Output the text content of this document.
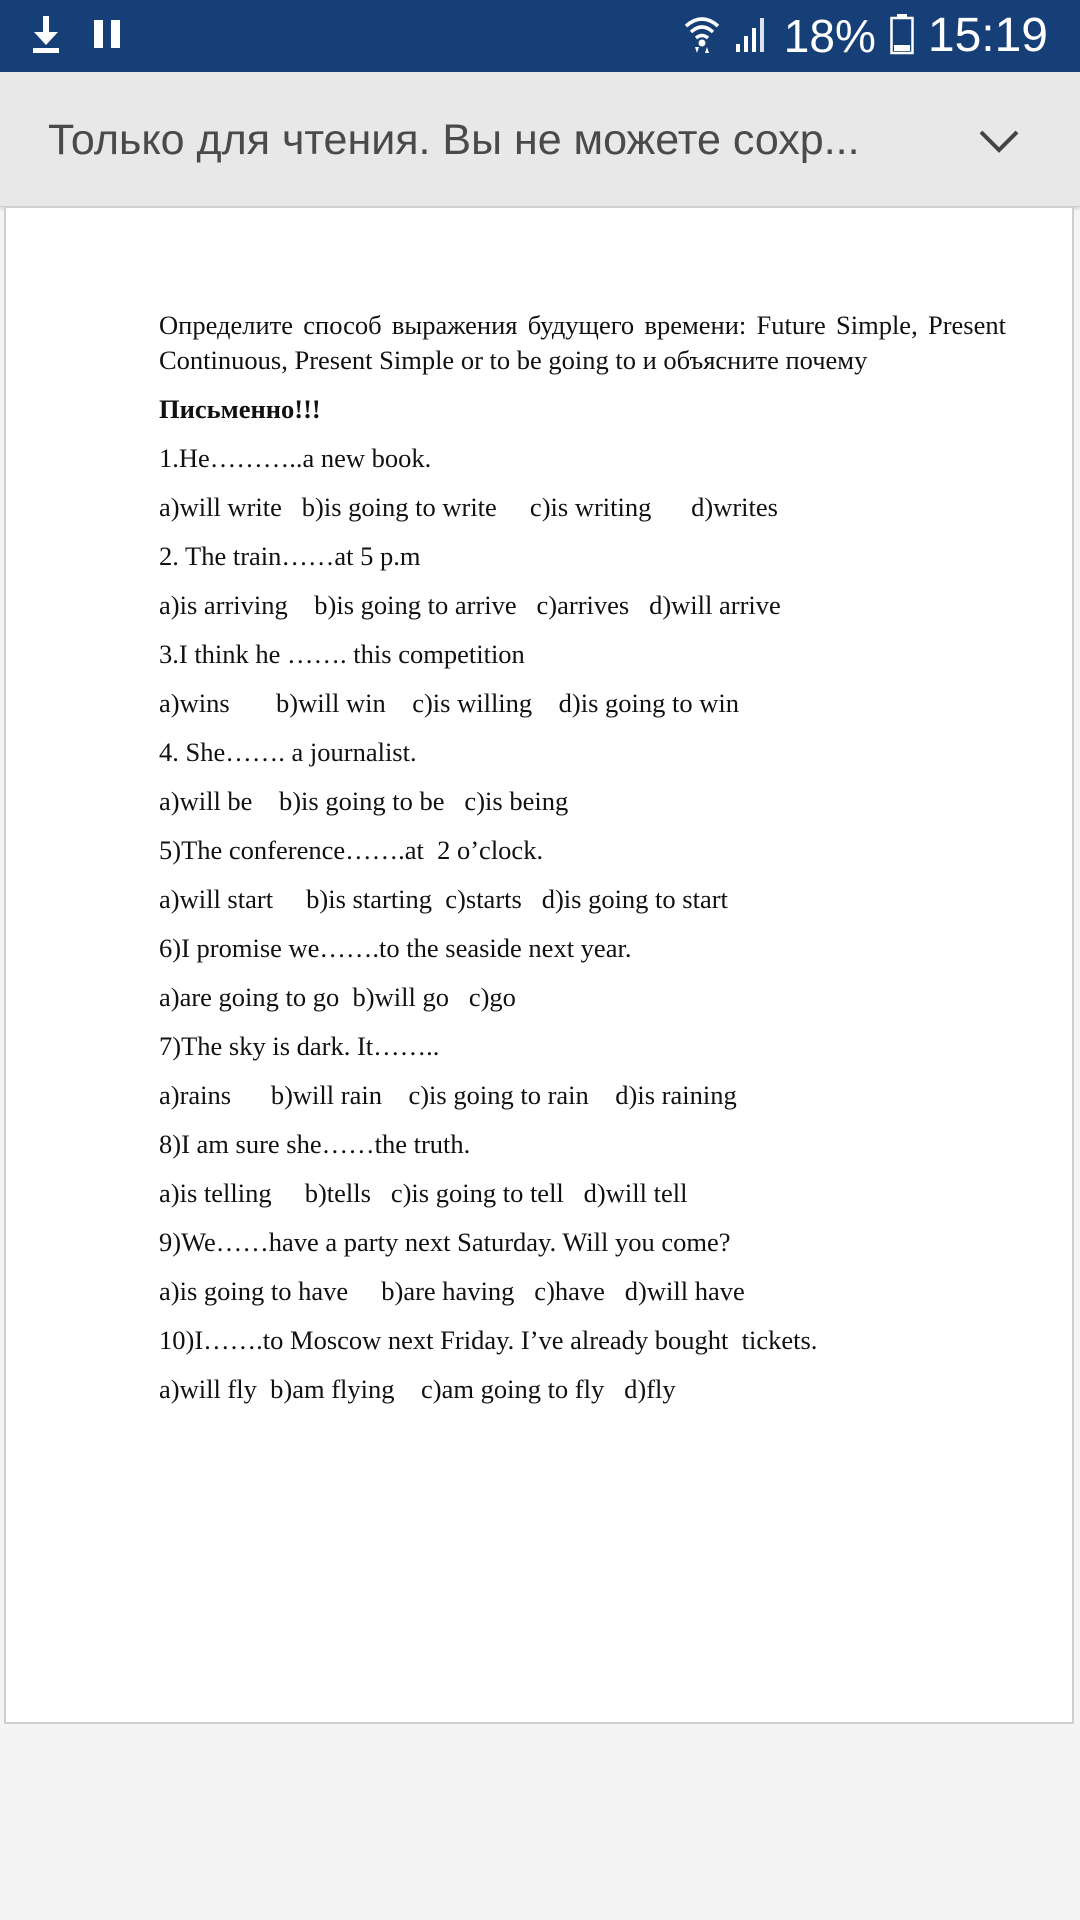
18% 15:19
Только для чтения. Вы не можете сохр...

Определите способ выражения будущего времени: Future Simple, Present Continuous, Present Simple or to be going to и объясните почему

Письменно!!!

1.He………..a new book.

a)will write   b)is going to write     c)is writing      d)writes

2. The train……at 5 p.m

a)is arriving    b)is going to arrive   c)arrives   d)will arrive

3.I think he ……. this competition

a)wins       b)will win    c)is willing    d)is going to win

4. She……. a journalist.

a)will be    b)is going to be   c)is being

5)The conference…….at  2 o’clock.

a)will start     b)is starting  c)starts   d)is going to start

6)I promise we…….to the seaside next year.

a)are going to go  b)will go   c)go

7)The sky is dark. It……..

a)rains      b)will rain    c)is going to rain    d)is raining

8)I am sure she……the truth.

a)is telling     b)tells   c)is going to tell   d)will tell

9)We……have a party next Saturday. Will you come?

a)is going to have     b)are having   c)have   d)will have

10)I…….to Moscow next Friday. I’ve already bought  tickets.

a)will fly  b)am flying    c)am going to fly   d)fly
